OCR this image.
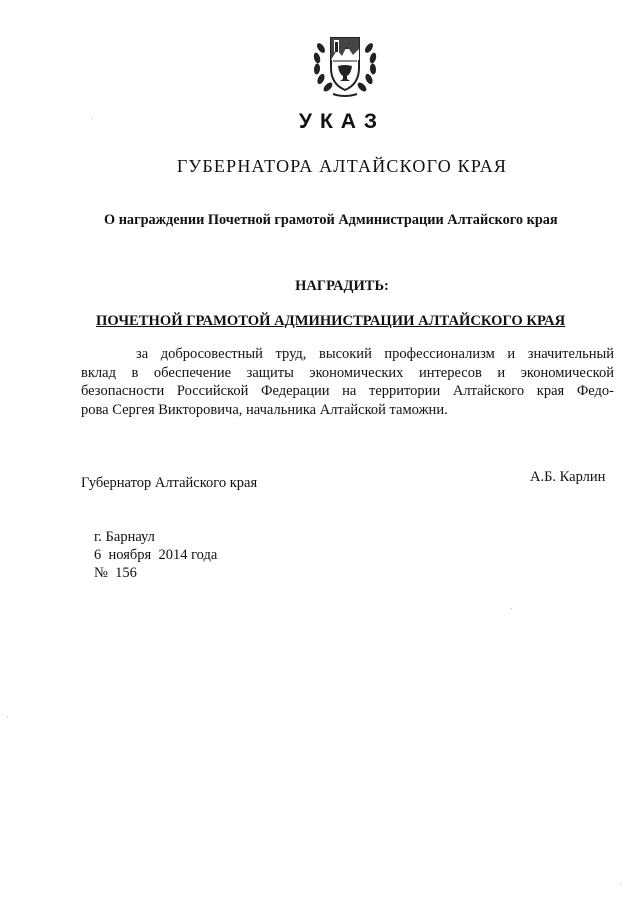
УКАЗ
ГУБЕРНАТОРА АЛТАЙСКОГО КРАЯ
О награждении Почетной грамотой Администрации Алтайского края
НАГРАДИТЬ:
ПОЧЕТНОЙ ГРАМОТОЙ АДМИНИСТРАЦИИ АЛТАЙСКОГО КРАЯ
за добросовестный труд, высокий профессионализм и значительный
вклад в обеспечение защиты экономических интересов и экономической
безопасности Российской Федерации на территории Алтайского края Федо-
рова Сергея Викторовича, начальника Алтайской таможни.
Губернатор Алтайского края	А.Б. Карлин
г. Барнаул
6  ноября  2014 года
№  156
